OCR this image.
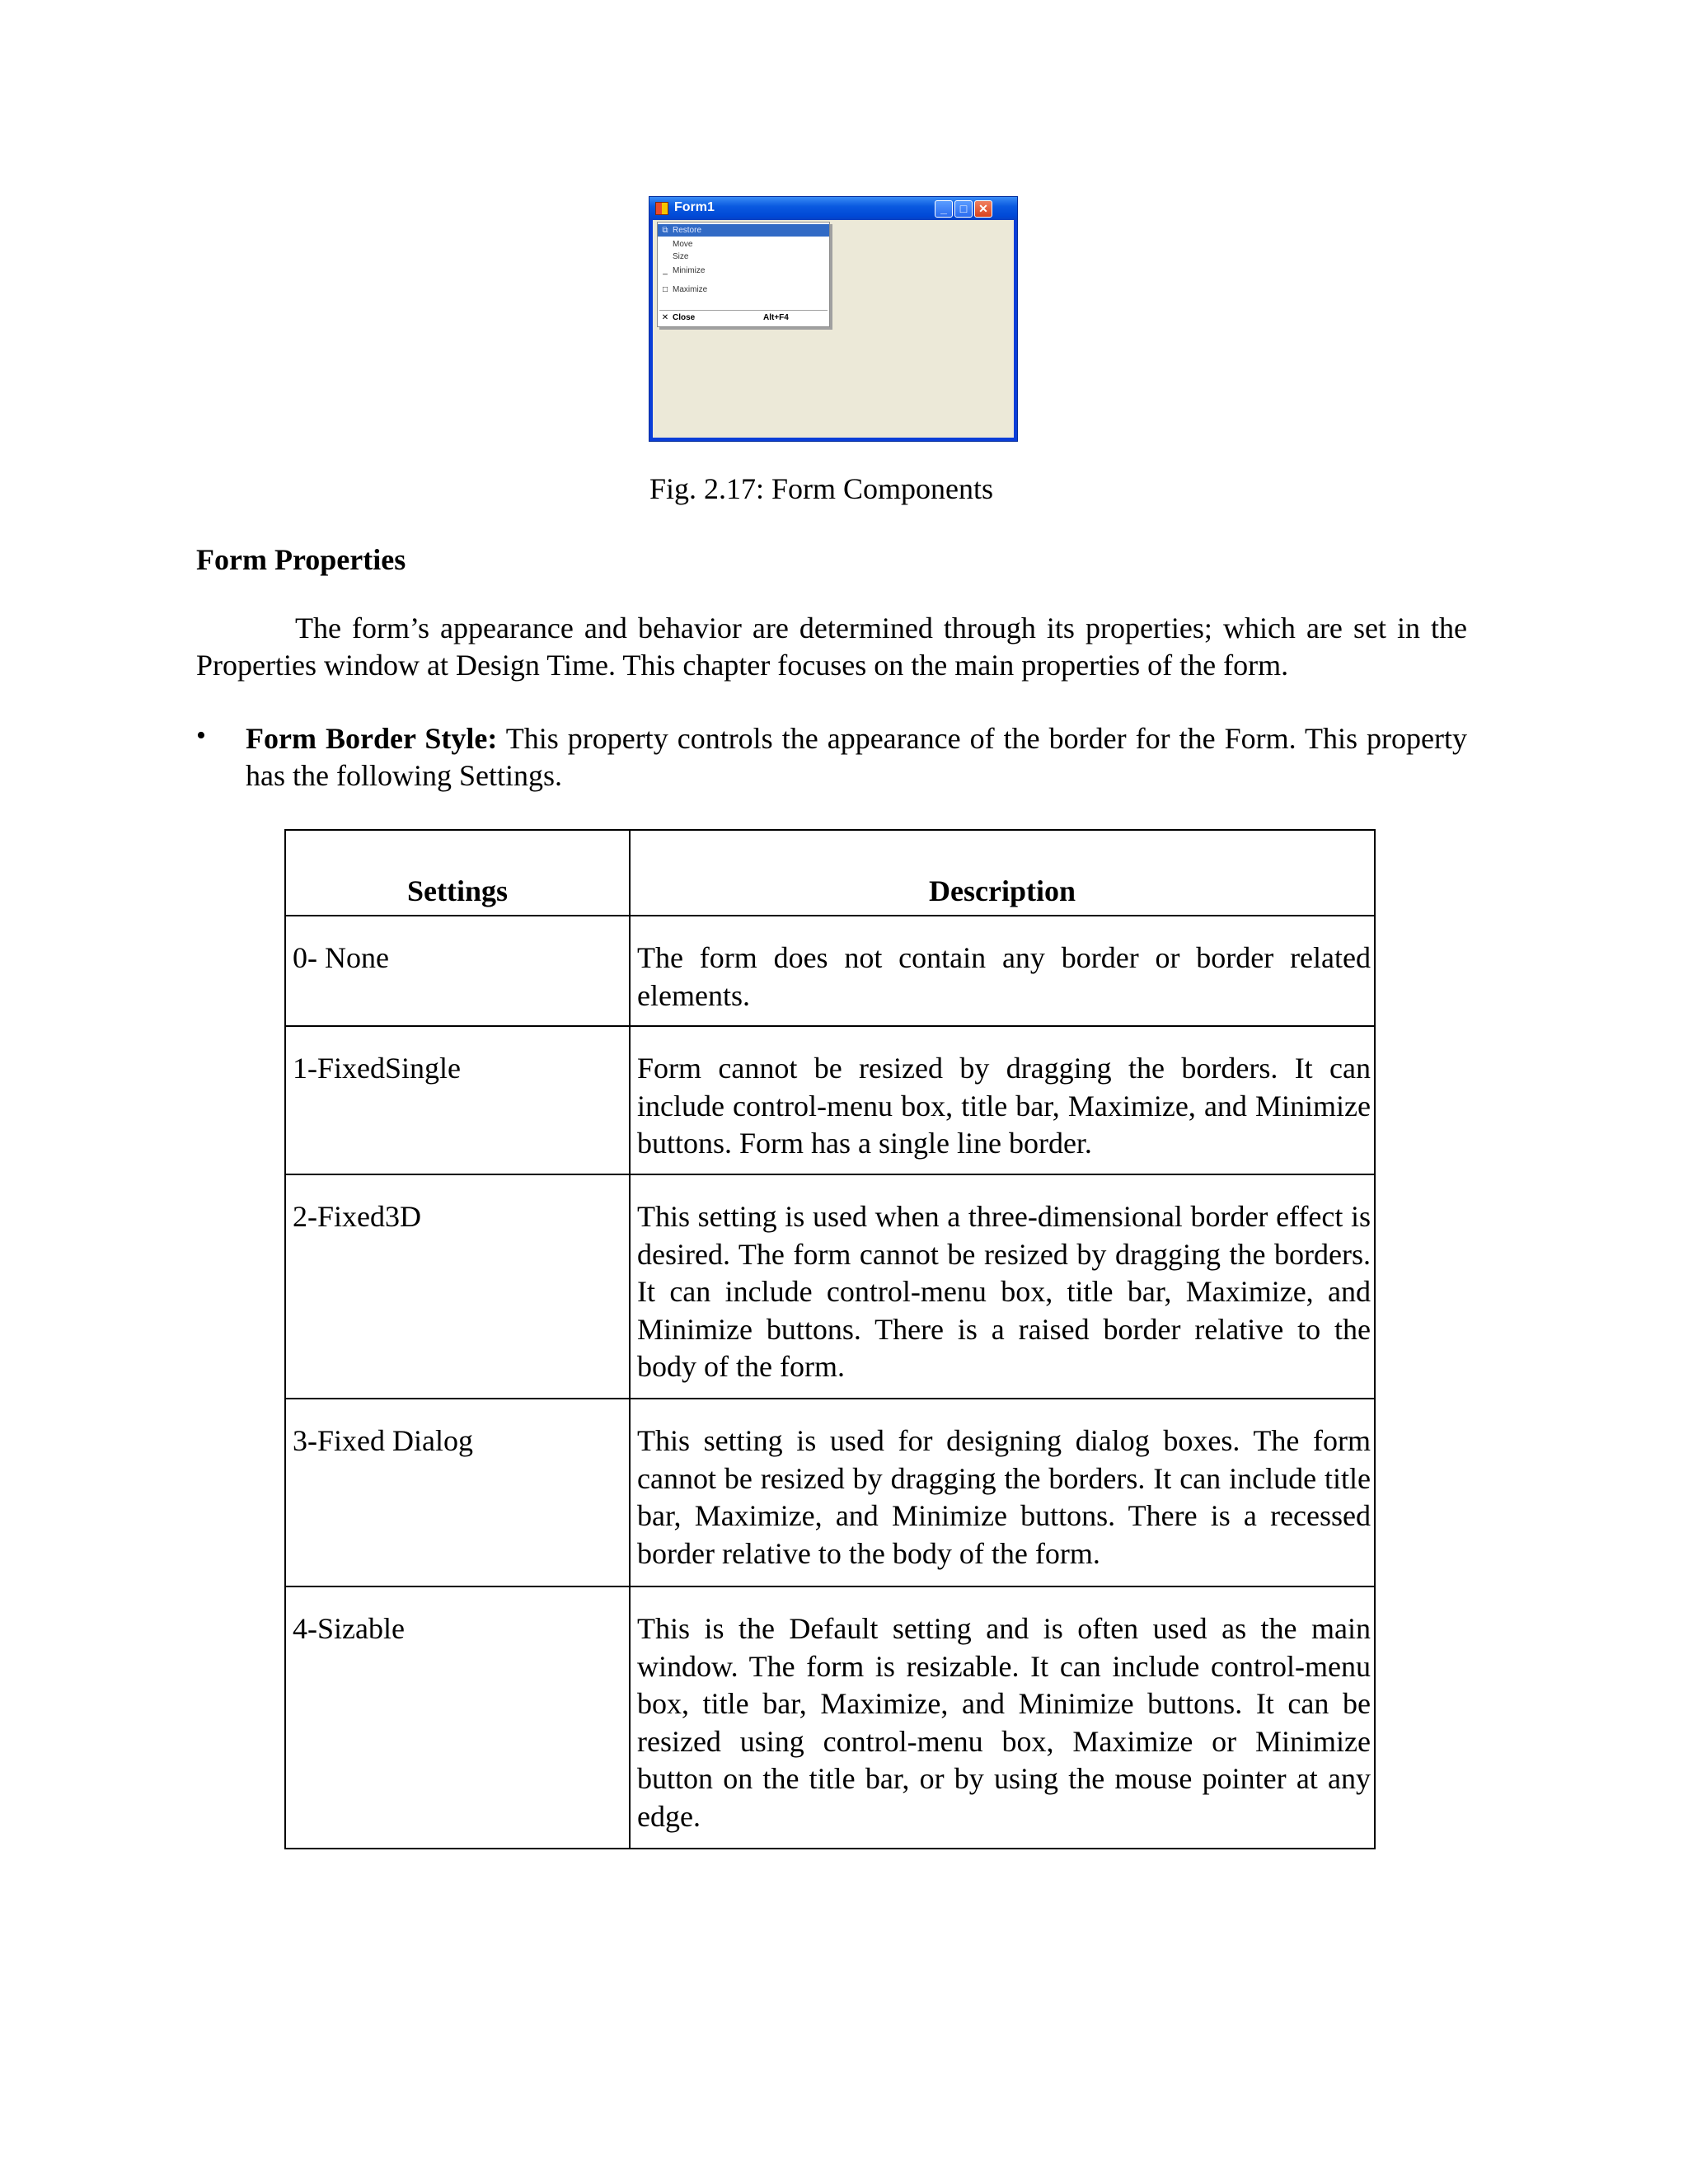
Form1	_	□ ✕
⧉ Restore
Move
Size
_ Minimize
□ Maximize
✕ Close	Alt+F4
Fig. 2.17: Form Components
Form Properties

The form’s appearance and behavior are determined through its properties; which are set in the Properties window at Design Time. This chapter focuses on the main properties of the form.

• Form Border Style: This property controls the appearance of the border for the Form. This property has the following Settings.

Settings	Description
0- None	The form does not contain any border or border related elements.
1-FixedSingle	Form cannot be resized by dragging the borders. It can include control-menu box, title bar, Maximize, and Minimize buttons. Form has a single line border.
2-Fixed3D	This setting is used when a three-dimensional border effect is desired. The form cannot be resized by dragging the borders. It can include control-menu box, title bar, Maximize, and Minimize buttons. There is a raised border relative to the body of the form.
3-Fixed Dialog	This setting is used for designing dialog boxes. The form cannot be resized by dragging the borders. It can include title bar, Maximize, and Minimize buttons. There is a recessed border relative to the body of the form.
4-Sizable	This is the Default setting and is often used as the main window. The form is resizable. It can include control-menu box, title bar, Maximize, and Minimize buttons. It can be resized using control-menu box, Maximize or Minimize button on the title bar, or by using the mouse pointer at any edge.
